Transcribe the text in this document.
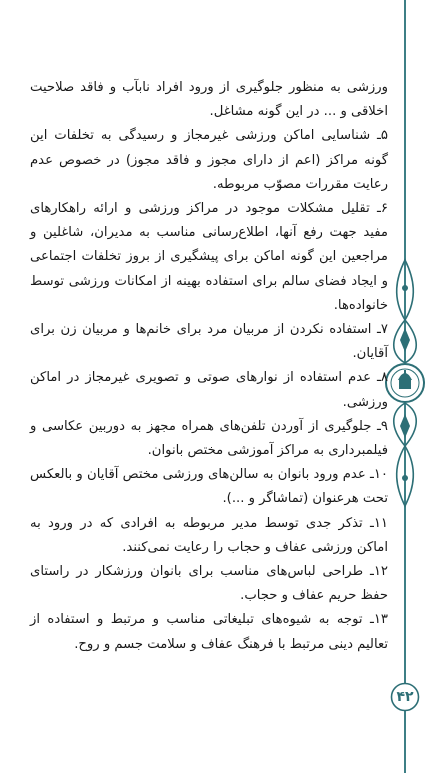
ورزشی به منظور جلوگیری از ورود افراد نابآب و فاقد صلاحیت اخلاقی و ... در این گونه مشاغل.

۵ـ شناسایی اماکن ورزشی غیرمجاز و رسیدگی به تخلفات این گونه مراکز (اعم از دارای مجوز و فاقد مجوز) در خصوص عدم رعایت مقررات مصوّب مربوطه.

۶ـ تقلیل مشکلات موجود در مراکز ورزشی و ارائه راهکارهای مفید جهت رفع آنها، اطلاع‌رسانی مناسب به مدیران، شاغلین و مراجعین این گونه اماکن برای پیشگیری از بروز تخلفات اجتماعی و ایجاد فضای سالم برای استفاده بهینه از امکانات ورزشی توسط خانواده‌ها.

۷ـ استفاده نکردن از مربیان مرد برای خانم‌ها و مربیان زن برای آقایان.

۸ـ عدم استفاده از نوارهای صوتی و تصویری غیرمجاز در اماکن ورزشی.

۹ـ جلوگیری از آوردن تلفن‌های همراه مجهز به دوربین عکاسی و فیلمبرداری به مراکز آموزشی مختص بانوان.

۱۰ـ عدم ورود بانوان به سالن‌های ورزشی مختص آقایان و بالعکس تحت هرعنوان (تماشاگر و ...).

۱۱ـ تذکر جدی توسط مدیر مربوطه به افرادی که در ورود به اماکن ورزشی عفاف و حجاب را رعایت نمی‌کنند.

۱۲ـ طراحی لباس‌های مناسب برای بانوان ورزشکار در راستای حفظ حریم عفاف و حجاب.

۱۳ـ توجه به شیوه‌های تبلیغاتی مناسب و مرتبط و استفاده از تعالیم دینی مرتبط با فرهنگ عفاف و سلامت جسم و روح.

۴۲
